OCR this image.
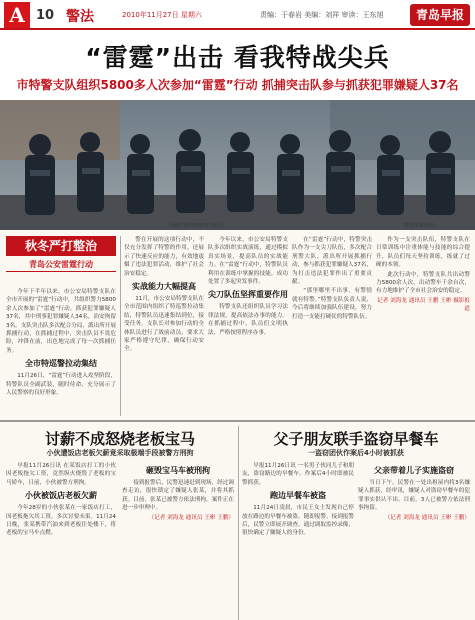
A 10 警法	2010年11月27日 星期六	责编：于春岩 美编：刘祥 审读：王东旭	青岛早报
“雷霆”出击 看我特战尖兵
市特警支队组织5800多人次参加“雷霆”行动 抓捕突击队参与抓获犯罪嫌疑人37名
全副武装的特警突击队员。	特警集体待命。
秋冬严打整治
青岛公安雷霆行动

今年下半年以来，市公安局特警支队在全市开展的“雷霆”行动中，共组织警力5800余人次参加了“雷霆”行动，抓获犯罪嫌疑人37名，其中刑事犯罪嫌疑人34名，治安拘留3名。支队突击队多次配合分局、派出所开展抓捕行动，在抓捕过程中，突击队员不畏危险，冲锋在前，出色地完成了每一次抓捕任务。

全市特巡警拉动集结

11月26日，“雷霆”行动进入攻坚阶段，特警队员全副武装，随时待命，充分展示了人民警察的良好形象。

警在开展的这项行动中，不仅充分发挥了特警的作用，还展示了快速反应的能力，有效地震慑了违法犯罪活动，维护了社会治安稳定。

实战能力大幅提高

11月，市公安局特警支队在全市范围内组织了特巡警拉动集结，特警队员迅速集结到位，接受任务。支队长对参加行动的全体队员进行了战前动员，要求大家严格遵守纪律，确保行动安全。

今年以来，市公安局特警支队多次组织实战演练，通过模拟真实场景，提高队员的实战能力。在“雷霆”行动中，特警队员利用在训练中掌握的技能，成功处置了多起突发事件。

尖刀队伍坚挥重要作用

特警支队还组织队员学习法律法规，提高依法办事的能力。在抓捕过程中，队员们文明执法，严格按照程序办事。

在“雷霆”行动中，特警突击队作为一支尖刀队伍，多次配合刑警大队、派出所开展抓捕行动，参与抓获犯罪嫌疑人37名，为打击违法犯罪作出了重要贡献。

“那里哪里不出事，有警情就有特警。”特警支队负责人说，今后将继续加强队伍建设，努力打造一支能打硬仗的特警队伍。

作为一支突击队伍，特警支队在日常训练中注重体能与技能的综合提升，队员们每天坚持训练，练就了过硬的本领。

此次行动中，特警支队共出动警力5800余人次，出动警车千余台次，有力地维护了全市社会治安的稳定。

记者 刘海龙 通讯员 王鹏 王彬 摄影报道
讨薪不成怒烧老板宝马
小伙遭饭店老板欠薪竟采取极端手段被警方刑拘

早报11月26日讯 在某饭店打工的小伙因老板拖欠工资，竟然纵火烧毁了老板的宝马轿车，日前，小伙被警方刑拘。

小伙被饭店老板欠薪

今年28岁的小伙张某在一家饭店打工，因老板拖欠其工资，多次讨要未果。11月24日晚，张某携带汽油来到老板住处楼下，将老板的宝马车点燃。

砸毁宝马车被刑拘

接到报警后，民警迅速赶到现场，经过调查走访，很快锁定了嫌疑人张某，并将其抓获。目前，张某已被警方依法刑拘，案件正在进一步审理中。

（记者 刘海龙 通讯员 王彬 王鹏）
父子朋友联手盗窃早餐车
一盗窃团伙作案后4小时被抓获

早报11月26日讯 一名男子伙同儿子和朋友，盗窃路边的早餐车，作案后4小时即被民警抓获。

跑边早餐车被盗

11月24日凌晨，市民王女士发现自己停放在路边的早餐车被盗，随即报警。接到报警后，民警立即展开调查，通过调取监控录像，很快确定了嫌疑人的身份。

父亲带着儿子实施盗窃

当日下午，民警在一处出租屋内将3名嫌疑人抓获，经审讯，嫌疑人对盗窃早餐车的犯罪事实供认不讳。目前，3人已被警方依法刑事拘留。

（记者 刘海龙 通讯员 王彬 王鹏）
